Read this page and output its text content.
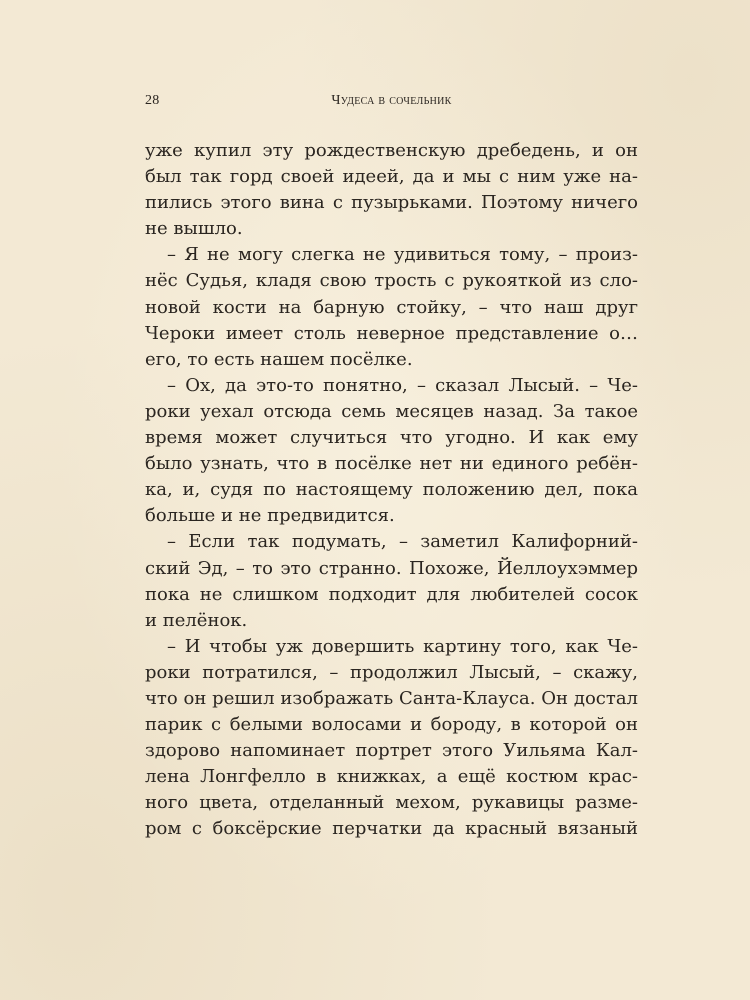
28	Чудеса в сочельник
уже купил эту рождественскую дребедень, и он
был так горд своей идеей, да и мы с ним уже на-
пились этого вина с пузырьками. Поэтому ничего
не вышло.
– Я не могу слегка не удивиться тому, – произ-
нёс Судья, кладя свою трость с рукояткой из сло-
новой кости на барную стойку, – что наш друг
Чероки имеет столь неверное представление о…
его, то есть нашем посёлке.
– Ох, да это-то понятно, – сказал Лысый. – Че-
роки уехал отсюда семь месяцев назад. За такое
время может случиться что угодно. И как ему
было узнать, что в посёлке нет ни единого ребён-
ка, и, судя по настоящему положению дел, пока
больше и не предвидится.
– Если так подумать, – заметил Калифорний-
ский Эд, – то это странно. Похоже, Йеллоухэммер
пока не слишком подходит для любителей сосок
и пелёнок.
– И чтобы уж довершить картину того, как Че-
роки потратился, – продолжил Лысый, – скажу,
что он решил изображать Санта-Клауса. Он достал
парик с белыми волосами и бороду, в которой он
здорово напоминает портрет этого Уильяма Кал-
лена Лонгфелло в книжках, а ещё костюм крас-
ного цвета, отделанный мехом, рукавицы разме-
ром с боксёрские перчатки да красный вязаный
